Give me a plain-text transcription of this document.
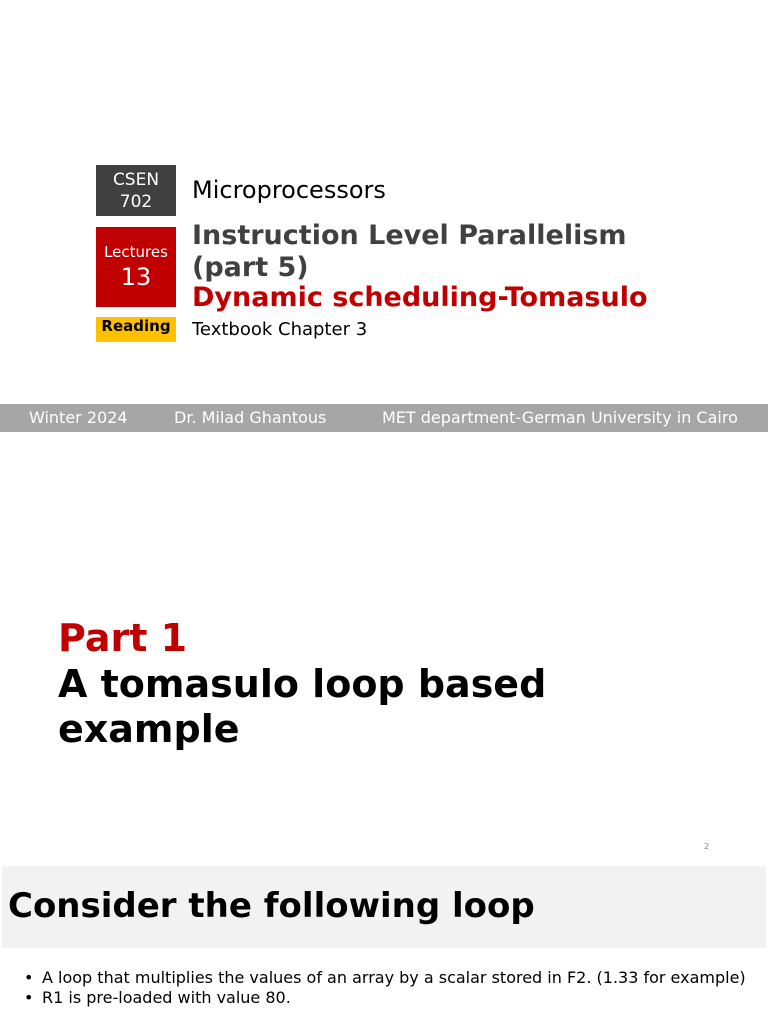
CSEN 702
Lectures
13
Reading
Microprocessors
Instruction Level Parallelism (part 5)
Dynamic scheduling-Tomasulo
Textbook Chapter 3
Winter 2024	Dr. Milad Ghantous	MET department-German University in Cairo
Part 1
A tomasulo loop based example
2
Consider the following loop
• A loop that multiplies the values of an array by a scalar stored in F2. (1.33 for example)
• R1 is pre-loaded with value 80.
